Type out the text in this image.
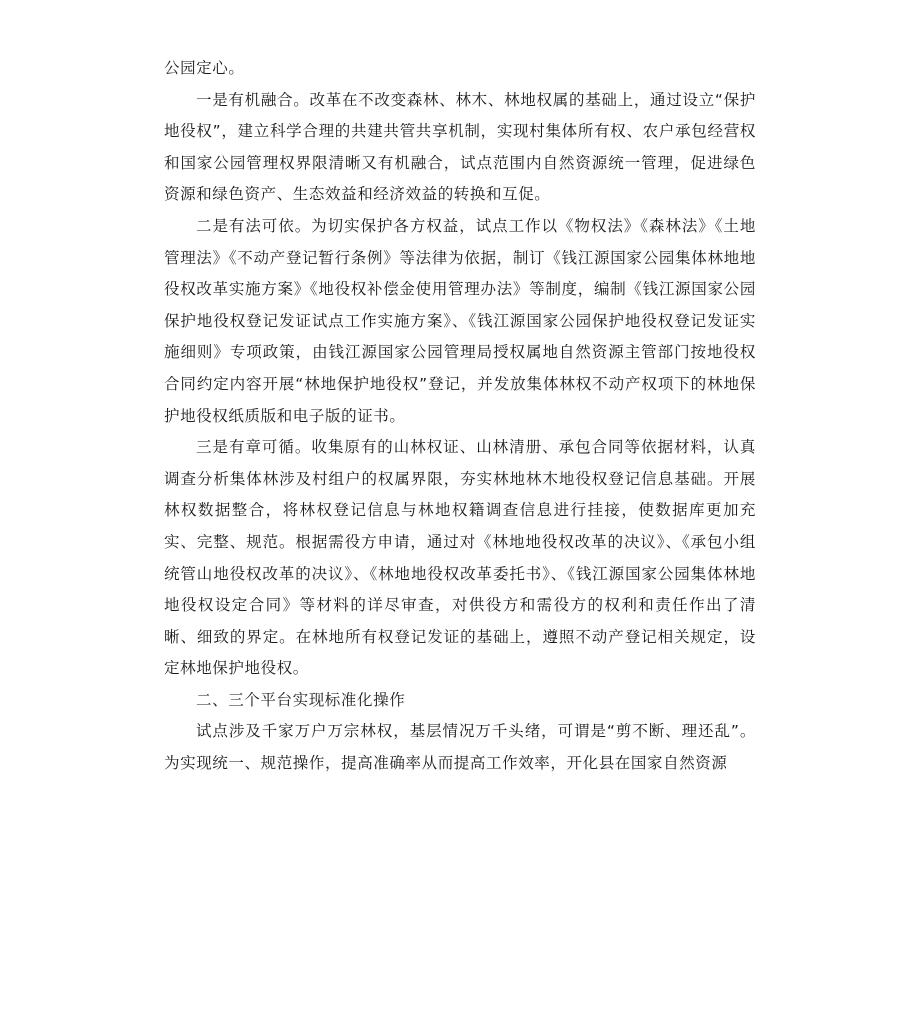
公园定心。

一是有机融合。改革在不改变森林、林木、林地权属的基础上，通过设立“保护地役权”，建立科学合理的共建共管共享机制，实现村集体所有权、农户承包经营权和国家公园管理权界限清晰又有机融合，试点范围内自然资源统一管理，促进绿色资源和绿色资产、生态效益和经济效益的转换和互促。

二是有法可依。为切实保护各方权益，试点工作以《物权法》《森林法》《土地管理法》《不动产登记暂行条例》等法律为依据，制订《钱江源国家公园集体林地地役权改革实施方案》《地役权补偿金使用管理办法》等制度，编制《钱江源国家公园保护地役权登记发证试点工作实施方案》、《钱江源国家公园保护地役权登记发证实施细则》专项政策，由钱江源国家公园管理局授权属地自然资源主管部门按地役权合同约定内容开展“林地保护地役权”登记，并发放集体林权不动产权项下的林地保护地役权纸质版和电子版的证书。

三是有章可循。收集原有的山林权证、山林清册、承包合同等依据材料，认真调查分析集体林涉及村组户的权属界限，夯实林地林木地役权登记信息基础。开展林权数据整合，将林权登记信息与林地权籍调查信息进行挂接，使数据库更加充实、完整、规范。根据需役方申请，通过对《林地地役权改革的决议》、《承包小组统管山地役权改革的决议》、《林地地役权改革委托书》、《钱江源国家公园集体林地地役权设定合同》等材料的详尽审查，对供役方和需役方的权利和责任作出了清晰、细致的界定。在林地所有权登记发证的基础上，遵照不动产登记相关规定，设定林地保护地役权。

二、三个平台实现标准化操作

试点涉及千家万户万宗林权，基层情况万千头绪，可谓是“剪不断、理还乱”。为实现统一、规范操作，提高准确率从而提高工作效率，开化县在国家自然资源
